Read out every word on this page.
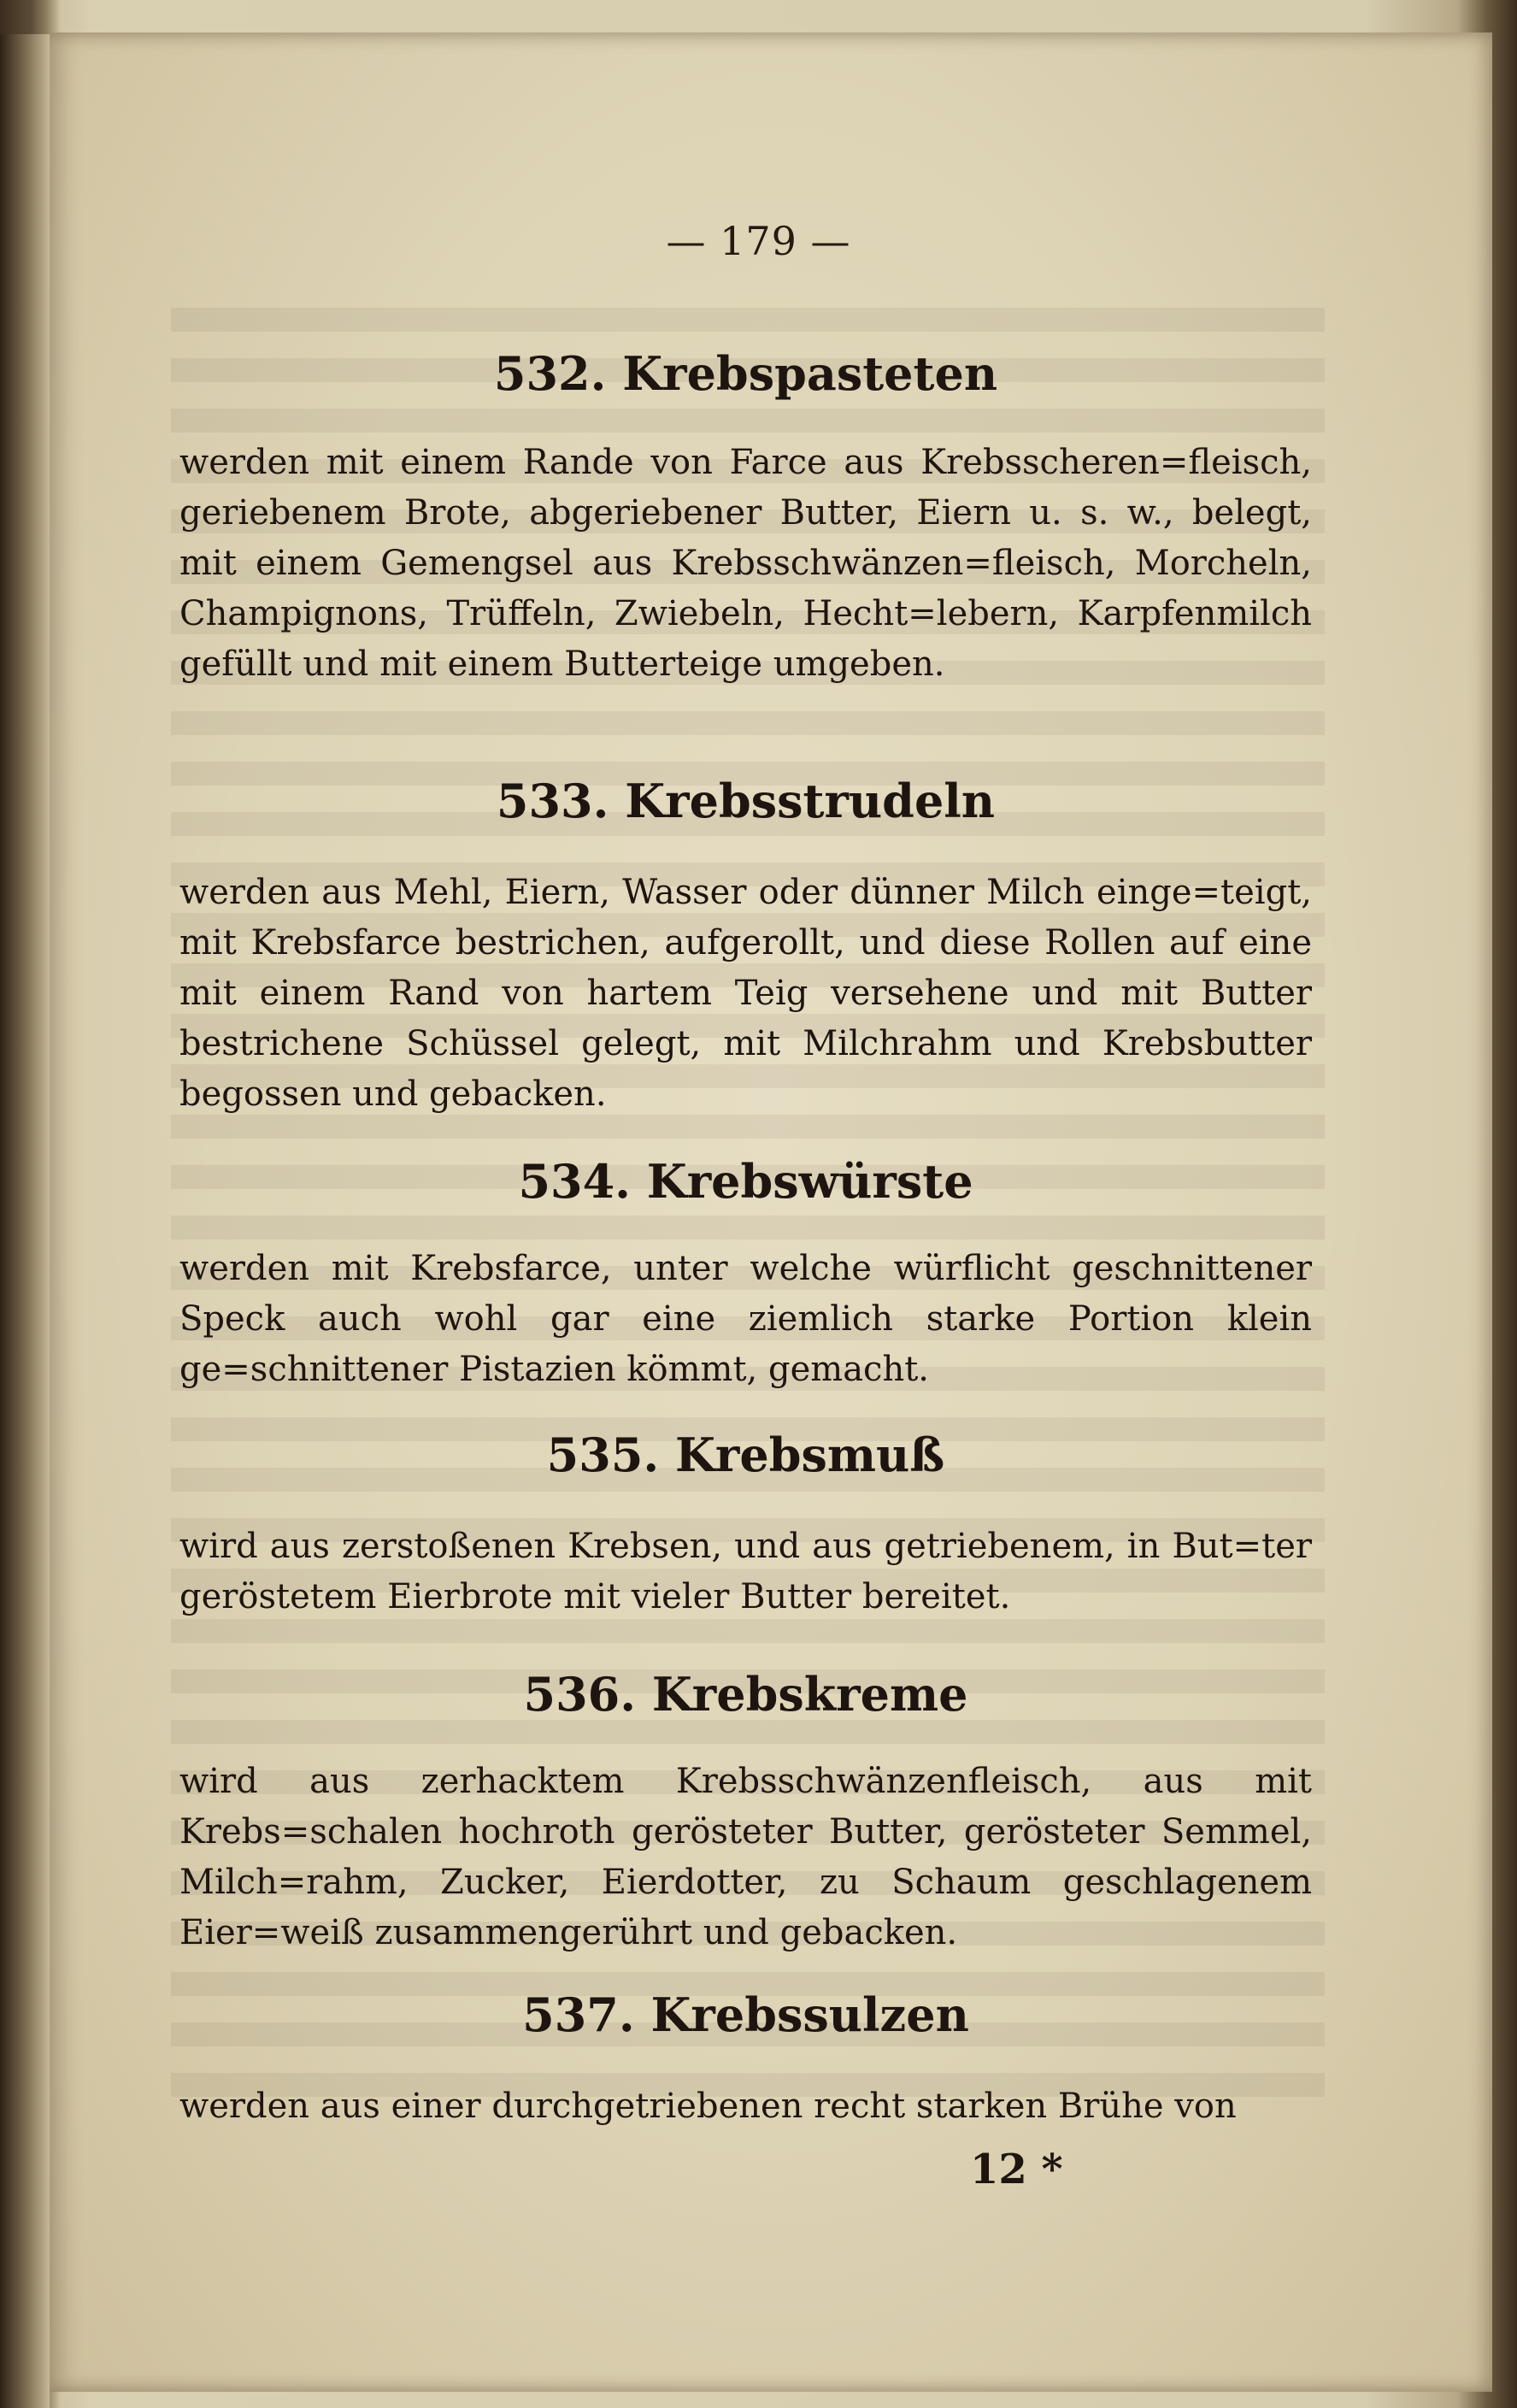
— 179 —

532. Krebspasteten

werden mit einem Rande von Farce aus Krebsscheren=fleisch, geriebenem Brote, abgeriebener Butter, Eiern u. s. w., belegt, mit einem Gemengsel aus Krebsschwänzen=fleisch, Morcheln, Champignons, Trüffeln, Zwiebeln, Hecht=lebern, Karpfenmilch gefüllt und mit einem Butterteige umgeben.

533. Krebsstrudeln

werden aus Mehl, Eiern, Wasser oder dünner Milch einge=teigt, mit Krebsfarce bestrichen, aufgerollt, und diese Rollen auf eine mit einem Rand von hartem Teig versehene und mit Butter bestrichene Schüssel gelegt, mit Milchrahm und Krebsbutter begossen und gebacken.

534. Krebswürste

werden mit Krebsfarce, unter welche würflicht geschnittener Speck auch wohl gar eine ziemlich starke Portion klein ge=schnittener Pistazien kömmt, gemacht.

535. Krebsmuß

wird aus zerstoßenen Krebsen, und aus getriebenem, in But=ter geröstetem Eierbrote mit vieler Butter bereitet.

536. Krebskreme

wird aus zerhacktem Krebsschwänzenfleisch, aus mit Krebs=schalen hochroth gerösteter Butter, gerösteter Semmel, Milch=rahm, Zucker, Eierdotter, zu Schaum geschlagenem Eier=weiß zusammengerührt und gebacken.

537. Krebssulzen

werden aus einer durchgetriebenen recht starken Brühe von

12 *
